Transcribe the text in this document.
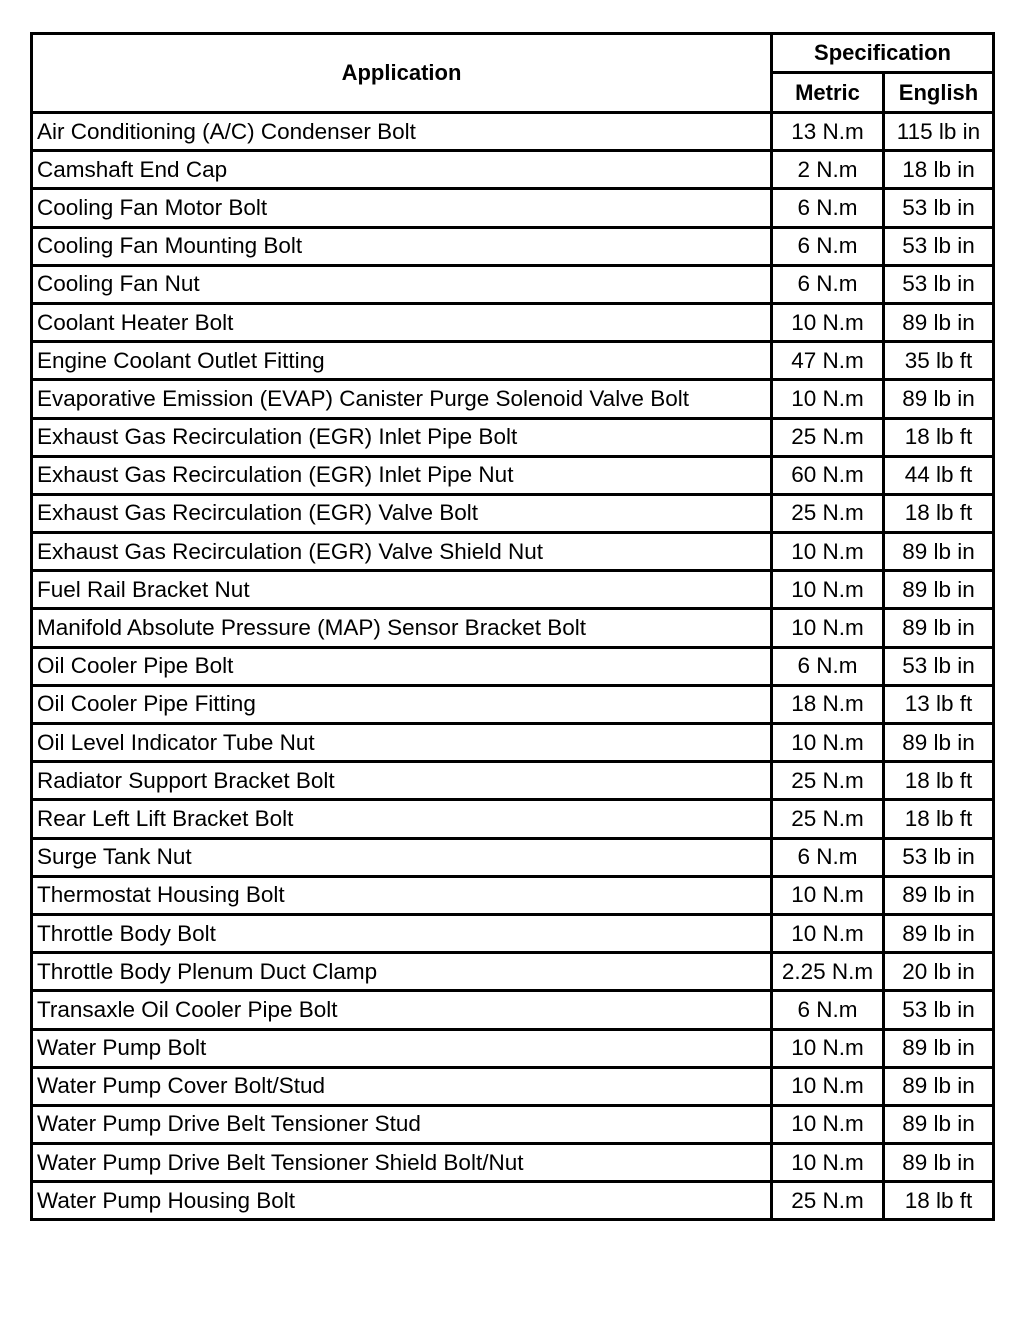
Application	Specification	
	Metric	English
Air Conditioning (A/C) Condenser Bolt	13 N.m	115 lb in
Camshaft End Cap	2 N.m	18 lb in
Cooling Fan Motor Bolt	6 N.m	53 lb in
Cooling Fan Mounting Bolt	6 N.m	53 lb in
Cooling Fan Nut	6 N.m	53 lb in
Coolant Heater Bolt	10 N.m	89 lb in
Engine Coolant Outlet Fitting	47 N.m	35 lb ft
Evaporative Emission (EVAP) Canister Purge Solenoid Valve Bolt	10 N.m	89 lb in
Exhaust Gas Recirculation (EGR) Inlet Pipe Bolt	25 N.m	18 lb ft
Exhaust Gas Recirculation (EGR) Inlet Pipe Nut	60 N.m	44 lb ft
Exhaust Gas Recirculation (EGR) Valve Bolt	25 N.m	18 lb ft
Exhaust Gas Recirculation (EGR) Valve Shield Nut	10 N.m	89 lb in
Fuel Rail Bracket Nut	10 N.m	89 lb in
Manifold Absolute Pressure (MAP) Sensor Bracket Bolt	10 N.m	89 lb in
Oil Cooler Pipe Bolt	6 N.m	53 lb in
Oil Cooler Pipe Fitting	18 N.m	13 lb ft
Oil Level Indicator Tube Nut	10 N.m	89 lb in
Radiator Support Bracket Bolt	25 N.m	18 lb ft
Rear Left Lift Bracket Bolt	25 N.m	18 lb ft
Surge Tank Nut	6 N.m	53 lb in
Thermostat Housing Bolt	10 N.m	89 lb in
Throttle Body Bolt	10 N.m	89 lb in
Throttle Body Plenum Duct Clamp	2.25 N.m	20 lb in
Transaxle Oil Cooler Pipe Bolt	6 N.m	53 lb in
Water Pump Bolt	10 N.m	89 lb in
Water Pump Cover Bolt/Stud	10 N.m	89 lb in
Water Pump Drive Belt Tensioner Stud	10 N.m	89 lb in
Water Pump Drive Belt Tensioner Shield Bolt/Nut	10 N.m	89 lb in
Water Pump Housing Bolt	25 N.m	18 lb ft
